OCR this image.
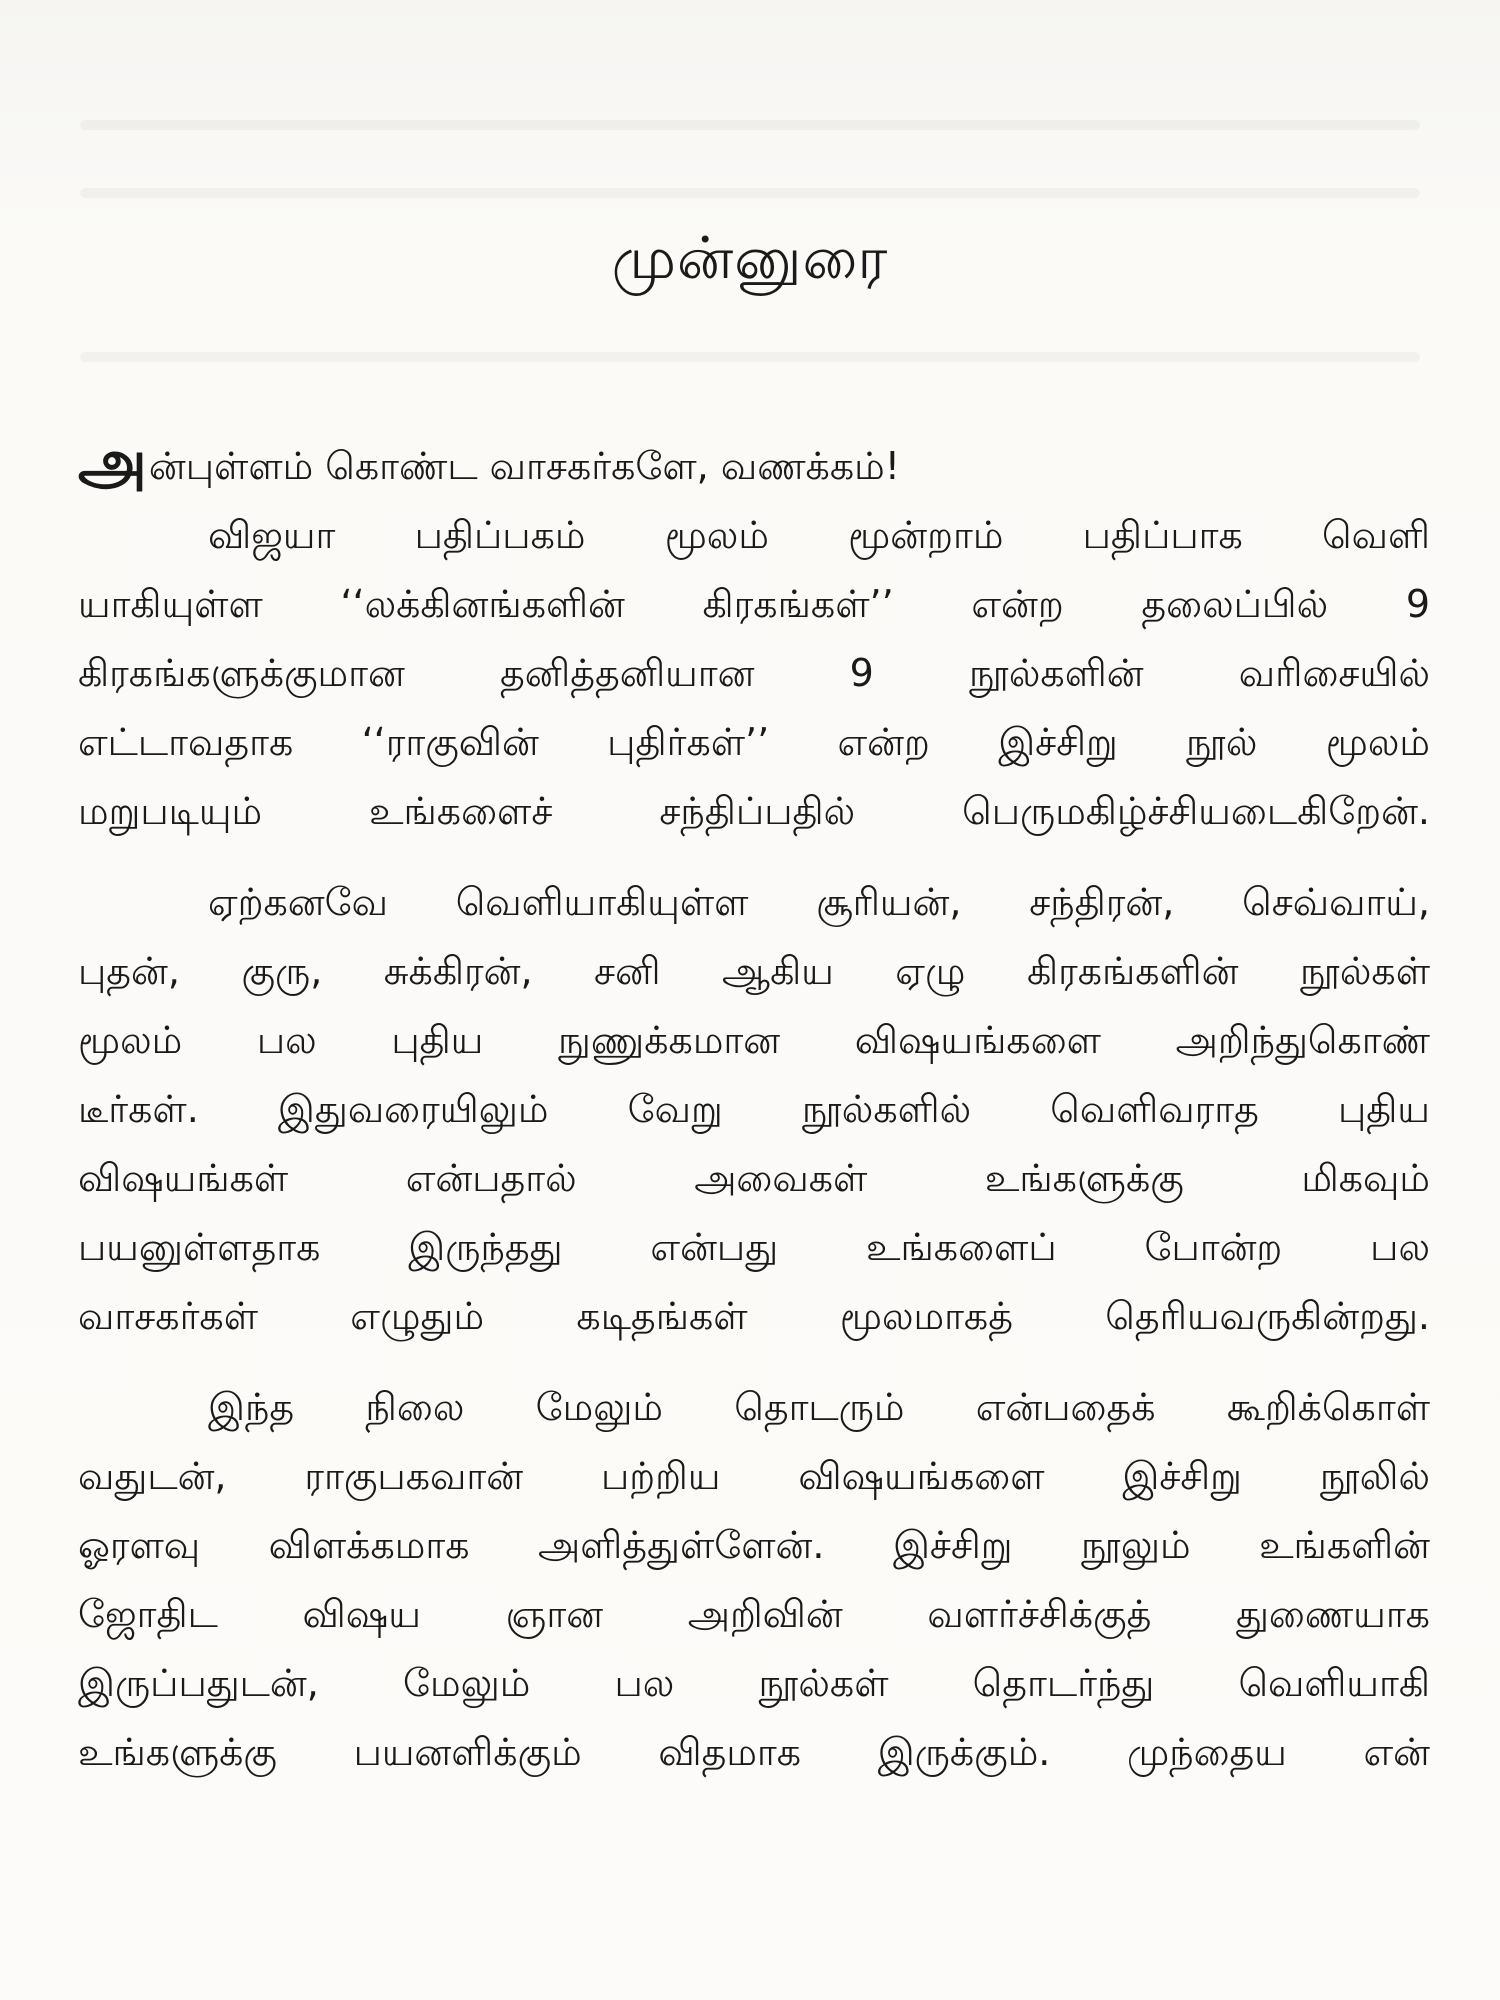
முன்னுரை
அன்புள்ளம் கொண்ட வாசகர்களே, வணக்கம்!
விஜயா பதிப்பகம் மூலம் மூன்றாம் பதிப்பாக வெளி
யாகியுள்ள ‘‘லக்கினங்களின் கிரகங்கள்’’ என்ற தலைப்பில் 9
கிரகங்களுக்குமான தனித்தனியான 9 நூல்களின் வரிசையில்
எட்டாவதாக ‘‘ராகுவின் புதிர்கள்’’ என்ற இச்சிறு நூல் மூலம்
மறுபடியும் உங்களைச் சந்திப்பதில் பெருமகிழ்ச்சியடைகிறேன்.
ஏற்கனவே வெளியாகியுள்ள சூரியன், சந்திரன், செவ்வாய்,
புதன், குரு, சுக்கிரன், சனி ஆகிய ஏழு கிரகங்களின் நூல்கள்
மூலம் பல புதிய நுணுக்கமான விஷயங்களை அறிந்துகொண்
டீர்கள். இதுவரையிலும் வேறு நூல்களில் வெளிவராத புதிய
விஷயங்கள் என்பதால் அவைகள் உங்களுக்கு மிகவும்
பயனுள்ளதாக இருந்தது என்பது உங்களைப் போன்ற பல
வாசகர்கள் எழுதும் கடிதங்கள் மூலமாகத் தெரியவருகின்றது.
இந்த நிலை மேலும் தொடரும் என்பதைக் கூறிக்கொள்
வதுடன், ராகுபகவான் பற்றிய விஷயங்களை இச்சிறு நூலில்
ஓரளவு விளக்கமாக அளித்துள்ளேன். இச்சிறு நூலும் உங்களின்
ஜோதிட விஷய ஞான அறிவின் வளர்ச்சிக்குத் துணையாக
இருப்பதுடன், மேலும் பல நூல்கள் தொடர்ந்து வெளியாகி
உங்களுக்கு பயனளிக்கும் விதமாக இருக்கும். முந்தைய என்
